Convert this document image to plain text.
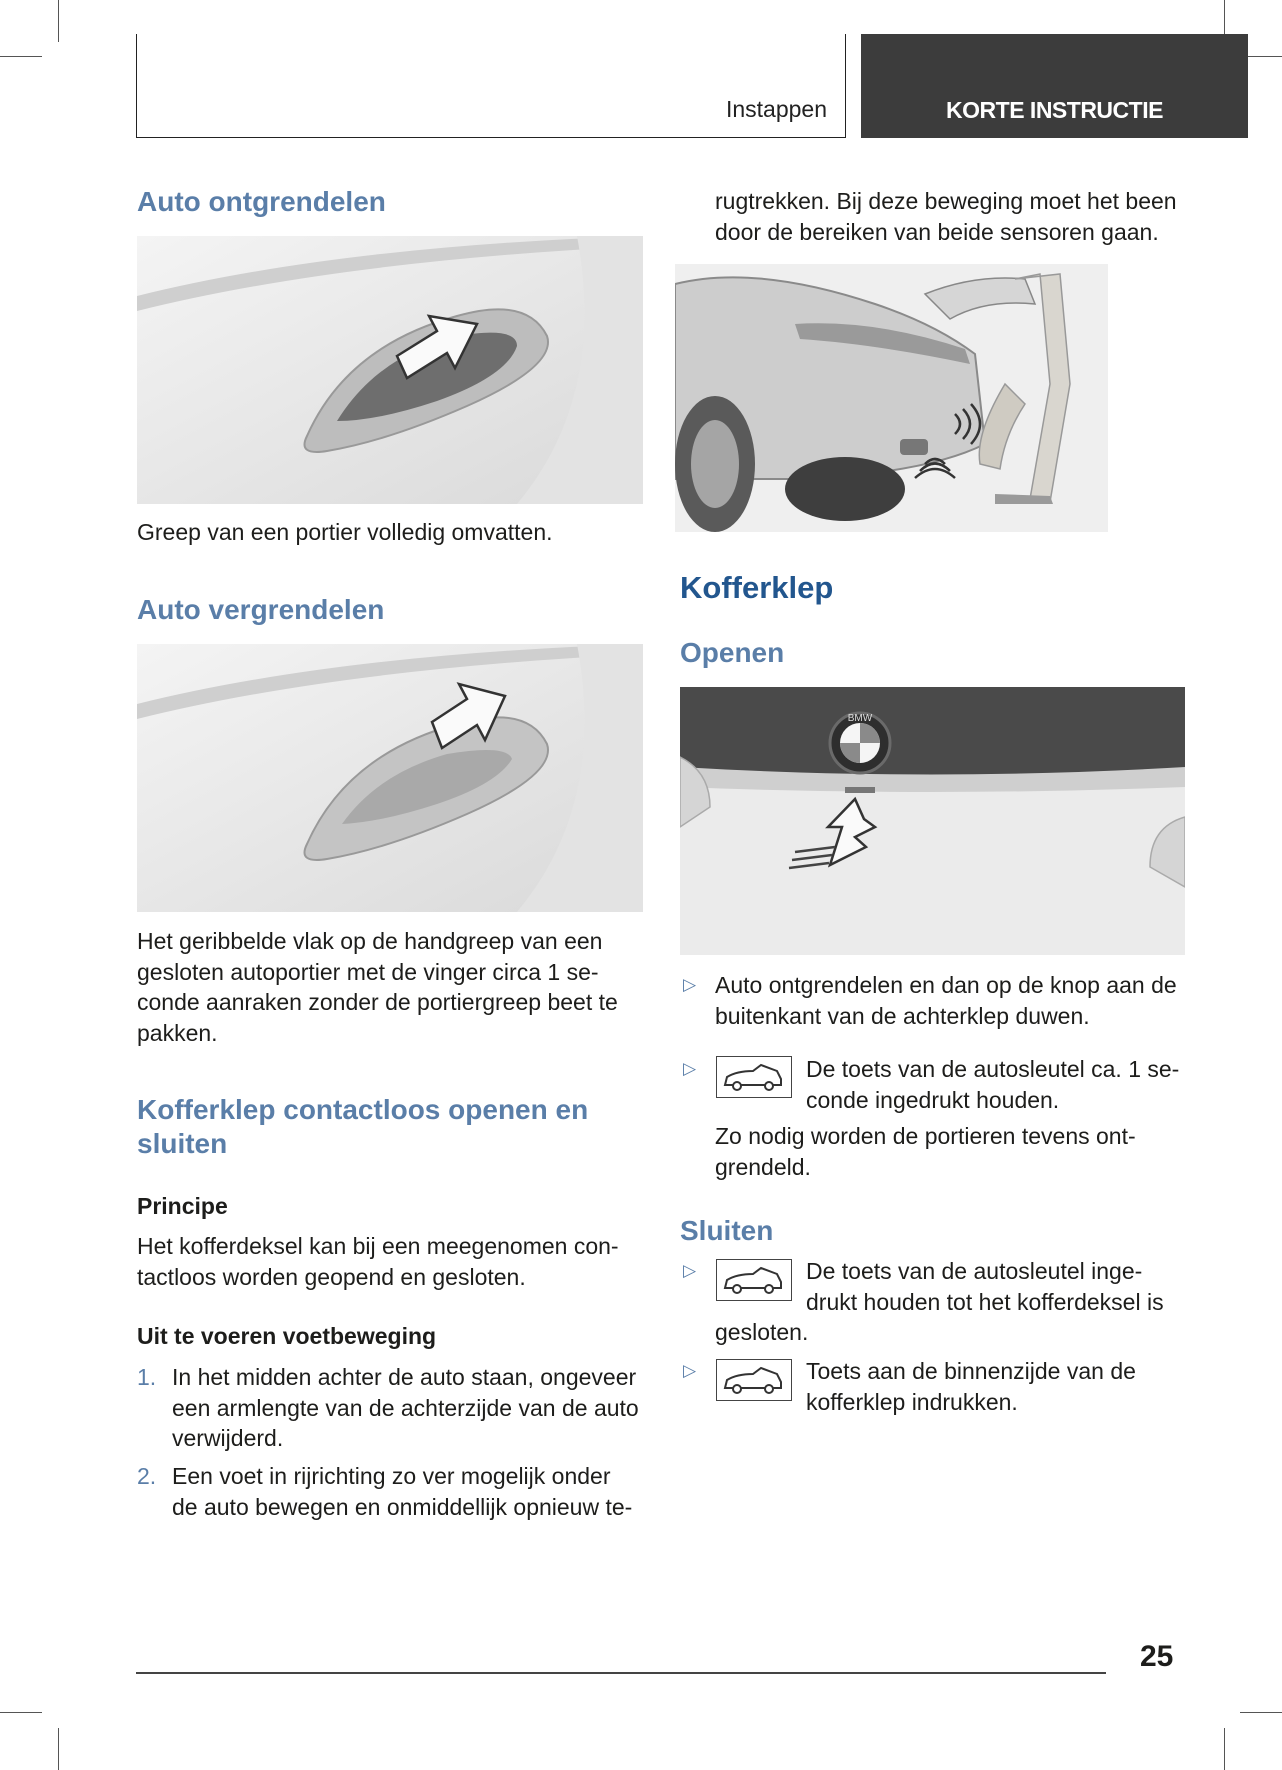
Instappen	KORTE INSTRUCTIE
Auto ontgrendelen
Greep van een portier volledig omvatten.
Auto vergrendelen
Het geribbelde vlak op de handgreep van een
gesloten autoportier met de vinger circa 1 se-
conde aanraken zonder de portiergreep beet te
pakken.
Kofferklep contactloos openen en
sluiten
Principe
Het kofferdeksel kan bij een meegenomen con-
tactloos worden geopend en gesloten.
Uit te voeren voetbeweging
1. In het midden achter de auto staan, ongeveer
een armlengte van de achterzijde van de auto
verwijderd.
2. Een voet in rijrichting zo ver mogelijk onder
de auto bewegen en onmiddellijk opnieuw te-
rugtrekken. Bij deze beweging moet het been
door de bereiken van beide sensoren gaan.
Kofferklep
Openen
BMW
▷ Auto ontgrendelen en dan op de knop aan de
buitenkant van de achterklep duwen.
▷	De toets van de autosleutel ca. 1 se-
conde ingedrukt houden.
Zo nodig worden de portieren tevens ont-
grendeld.
Sluiten
▷	De toets van de autosleutel inge-
drukt houden tot het kofferdeksel is
gesloten.
▷	Toets aan de binnenzijde van de
kofferklep indrukken.
25
